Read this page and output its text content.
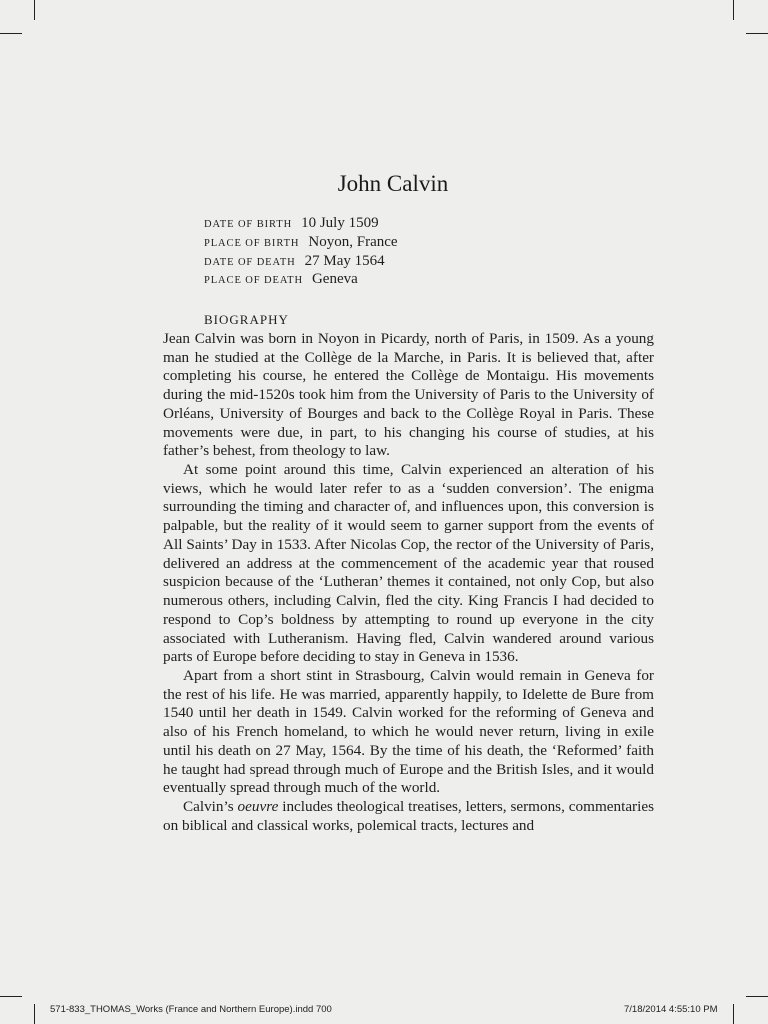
John Calvin
DATE OF BIRTH 10 July 1509
PLACE OF BIRTH Noyon, France
DATE OF DEATH 27 May 1564
PLACE OF DEATH Geneva
BIOGRAPHY

Jean Calvin was born in Noyon in Picardy, north of Paris, in 1509. As a young man he studied at the Collège de la Marche, in Paris. It is believed that, after completing his course, he entered the Collège de Montaigu. His movements during the mid-1520s took him from the University of Paris to the University of Orléans, University of Bourges and back to the Collège Royal in Paris. These movements were due, in part, to his changing his course of studies, at his father’s behest, from theology to law.

At some point around this time, Calvin experienced an alteration of his views, which he would later refer to as a ‘sudden conversion’. The enigma surrounding the timing and character of, and influences upon, this conversion is palpable, but the reality of it would seem to garner support from the events of All Saints’ Day in 1533. After Nicolas Cop, the rector of the University of Paris, delivered an address at the commencement of the academic year that roused suspicion because of the ‘Lutheran’ themes it contained, not only Cop, but also numerous others, including Calvin, fled the city. King Francis I had decided to respond to Cop’s boldness by attempting to round up everyone in the city associated with Lutheranism. Having fled, Calvin wandered around various parts of Europe before deciding to stay in Geneva in 1536.

Apart from a short stint in Strasbourg, Calvin would remain in Geneva for the rest of his life. He was married, apparently happily, to Idelette de Bure from 1540 until her death in 1549. Calvin worked for the reforming of Geneva and also of his French homeland, to which he would never return, living in exile until his death on 27 May, 1564. By the time of his death, the ‘Reformed’ faith he taught had spread through much of Europe and the British Isles, and it would eventually spread through much of the world.

Calvin’s oeuvre includes theological treatises, letters, sermons, commentaries on biblical and classical works, polemical tracts, lectures and

571-833_THOMAS_Works (France and Northern Europe).indd 700	7/18/2014 4:55:10 PM
